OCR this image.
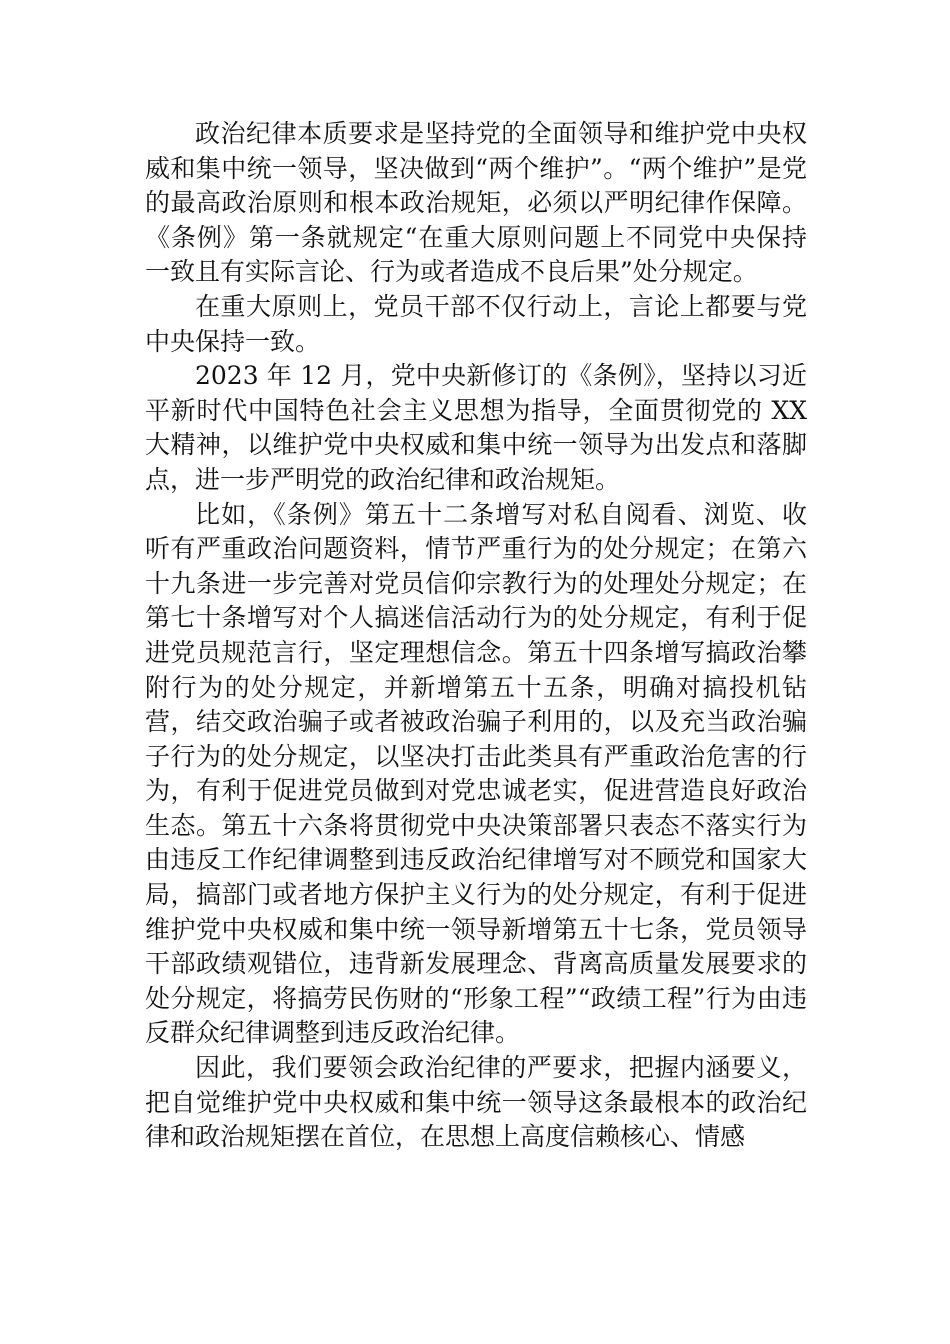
政治纪律本质要求是坚持党的全面领导和维护党中央权威和集中统一领导，坚决做到“两个维护”。“两个维护”是党的最高政治原则和根本政治规矩，必须以严明纪律作保障。《条例》第一条就规定“在重大原则问题上不同党中央保持一致且有实际言论、行为或者造成不良后果”处分规定。

在重大原则上，党员干部不仅行动上，言论上都要与党中央保持一致。

2023 年 12 月，党中央新修订的《条例》，坚持以习近平新时代中国特色社会主义思想为指导，全面贯彻党的 XX 大精神，以维护党中央权威和集中统一领导为出发点和落脚点，进一步严明党的政治纪律和政治规矩。

比如，《条例》第五十二条增写对私自阅看、浏览、收听有严重政治问题资料，情节严重行为的处分规定；在第六十九条进一步完善对党员信仰宗教行为的处理处分规定；在第七十条增写对个人搞迷信活动行为的处分规定，有利于促进党员规范言行，坚定理想信念。第五十四条增写搞政治攀附行为的处分规定，并新增第五十五条，明确对搞投机钻营，结交政治骗子或者被政治骗子利用的，以及充当政治骗子行为的处分规定，以坚决打击此类具有严重政治危害的行为，有利于促进党员做到对党忠诚老实，促进营造良好政治生态。第五十六条将贯彻党中央决策部署只表态不落实行为由违反工作纪律调整到违反政治纪律增写对不顾党和国家大局，搞部门或者地方保护主义行为的处分规定，有利于促进维护党中央权威和集中统一领导新增第五十七条，党员领导干部政绩观错位，违背新发展理念、背离高质量发展要求的处分规定，将搞劳民伤财的“形象工程”“政绩工程”行为由违反群众纪律调整到违反政治纪律。

因此，我们要领会政治纪律的严要求，把握内涵要义，把自觉维护党中央权威和集中统一领导这条最根本的政治纪律和政治规矩摆在首位，在思想上高度信赖核心、情感
